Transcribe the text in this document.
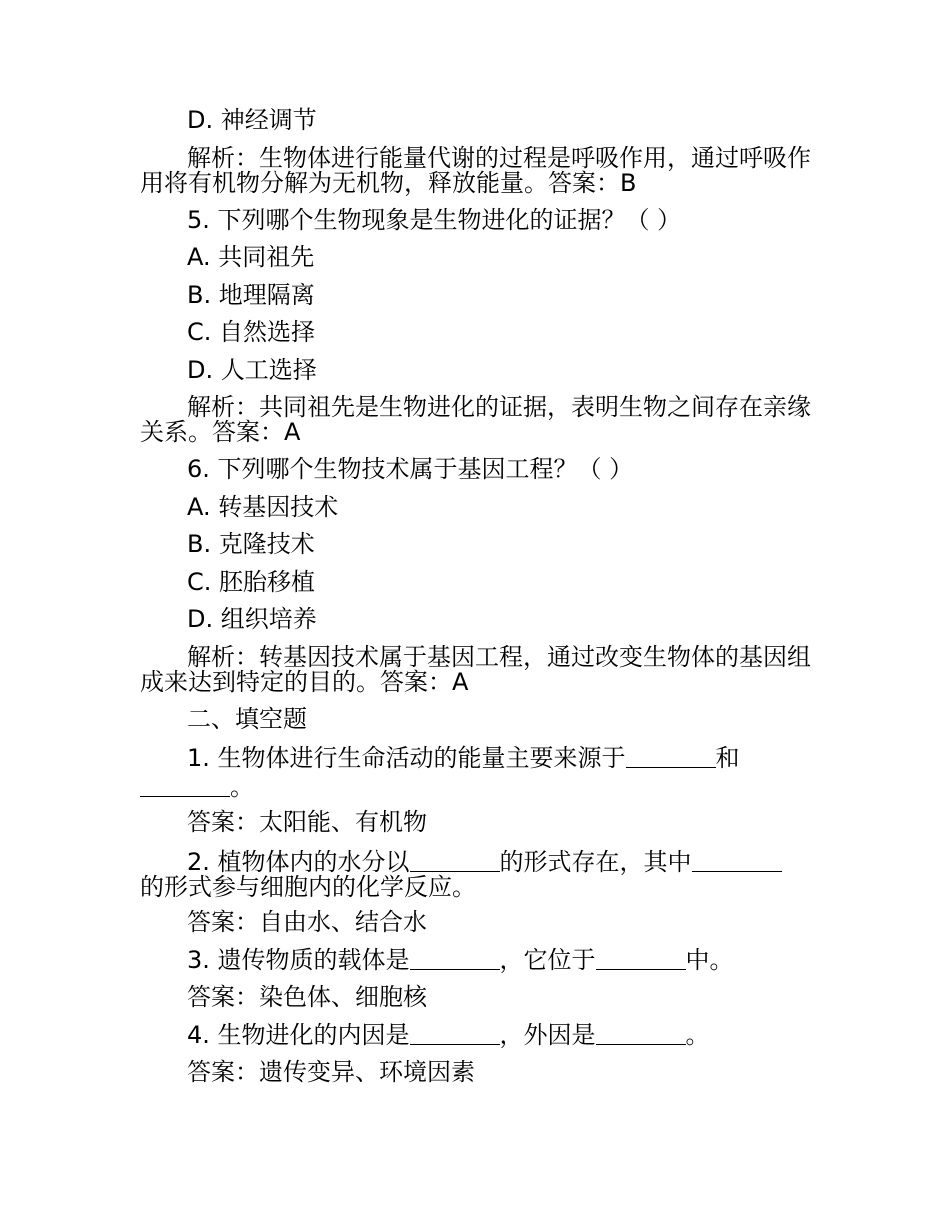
D. 神经调节
解析：生物体进行能量代谢的过程是呼吸作用，通过呼吸作用将有机物分解为无机物，释放能量。答案：B
5. 下列哪个生物现象是生物进化的证据？（ ）
A. 共同祖先
B. 地理隔离
C. 自然选择
D. 人工选择
解析：共同祖先是生物进化的证据，表明生物之间存在亲缘关系。答案：A
6. 下列哪个生物技术属于基因工程？（ ）
A. 转基因技术
B. 克隆技术
C. 胚胎移植
D. 组织培养
解析：转基因技术属于基因工程，通过改变生物体的基因组成来达到特定的目的。答案：A
二、填空题
1. 生物体进行生命活动的能量主要来源于	和
。
答案：太阳能、有机物
2. 植物体内的水分以	的形式存在，其中
的形式参与细胞内的化学反应。
答案：自由水、结合水
3. 遗传物质的载体是	，它位于	中。
答案：染色体、细胞核
4. 生物进化的内因是	，外因是	。
答案：遗传变异、环境因素
